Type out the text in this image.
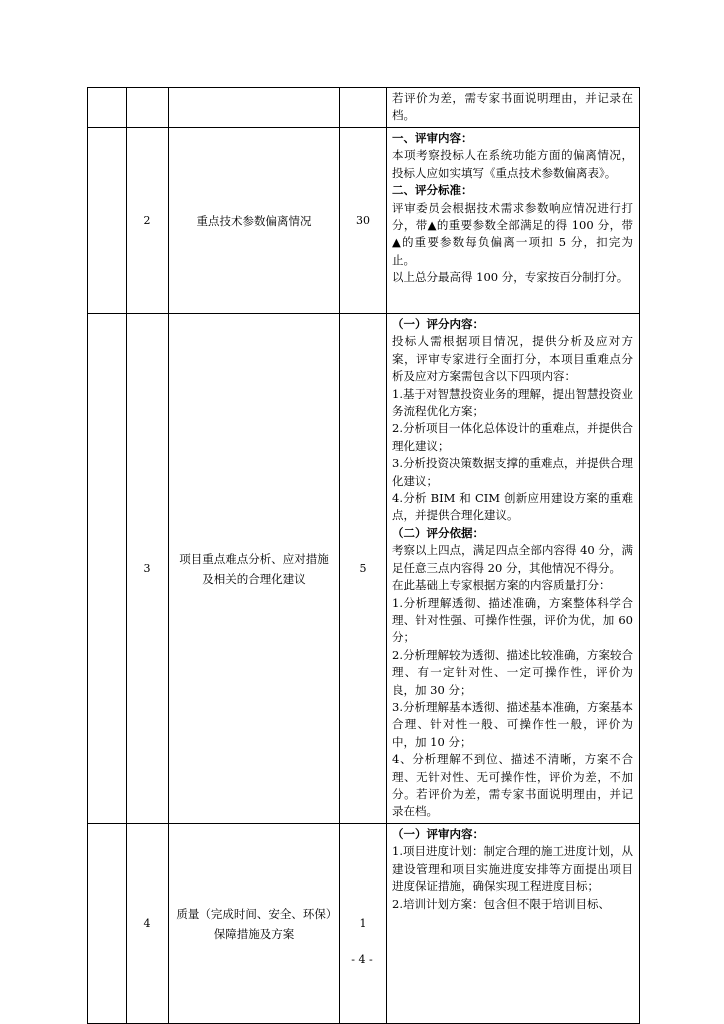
若评价为差，需专家书面说明理由，并记录在档。
2	重点技术参数偏离情况	30
一、评审内容：
本项考察投标人在系统功能方面的偏离情况，投标人应如实填写《重点技术参数偏离表》。
二、评分标准：
评审委员会根据技术需求参数响应情况进行打分，带▲的重要参数全部满足的得 100 分，带▲的重要参数每负偏离一项扣 5 分，扣完为止。
以上总分最高得 100 分，专家按百分制打分。
3
项目重点难点分析、应对措施及相关的合理化建议
5
（一）评分内容：
投标人需根据项目情况，提供分析及应对方案，评审专家进行全面打分，本项目重难点分析及应对方案需包含以下四项内容：
1.基于对智慧投资业务的理解，提出智慧投资业务流程优化方案；
2.分析项目一体化总体设计的重难点，并提供合理化建议；
3.分析投资决策数据支撑的重难点，并提供合理化建议；
4.分析 BIM 和 CIM 创新应用建设方案的重难点，并提供合理化建议。
（二）评分依据：
考察以上四点，满足四点全部内容得 40 分，满足任意三点内容得 20 分，其他情况不得分。
在此基础上专家根据方案的内容质量打分：
1.分析理解透彻、描述准确，方案整体科学合理、针对性强、可操作性强，评价为优，加 60 分；
2.分析理解较为透彻、描述比较准确，方案较合理、有一定针对性、一定可操作性，评价为良，加 30 分；
3.分析理解基本透彻、描述基本准确，方案基本合理、针对性一般、可操作性一般，评价为中，加 10 分；
4、分析理解不到位、描述不清晰，方案不合理、无针对性、无可操作性，评价为差，不加分。若评价为差，需专家书面说明理由，并记录在档。
4
质量（完成时间、安全、环保）保障措施及方案
1
（一）评审内容：
1.项目进度计划：制定合理的施工进度计划，从建设管理和项目实施进度安排等方面提出项目进度保证措施，确保实现工程进度目标；
2.培训计划方案：包含但不限于培训目标、
- 4 -
